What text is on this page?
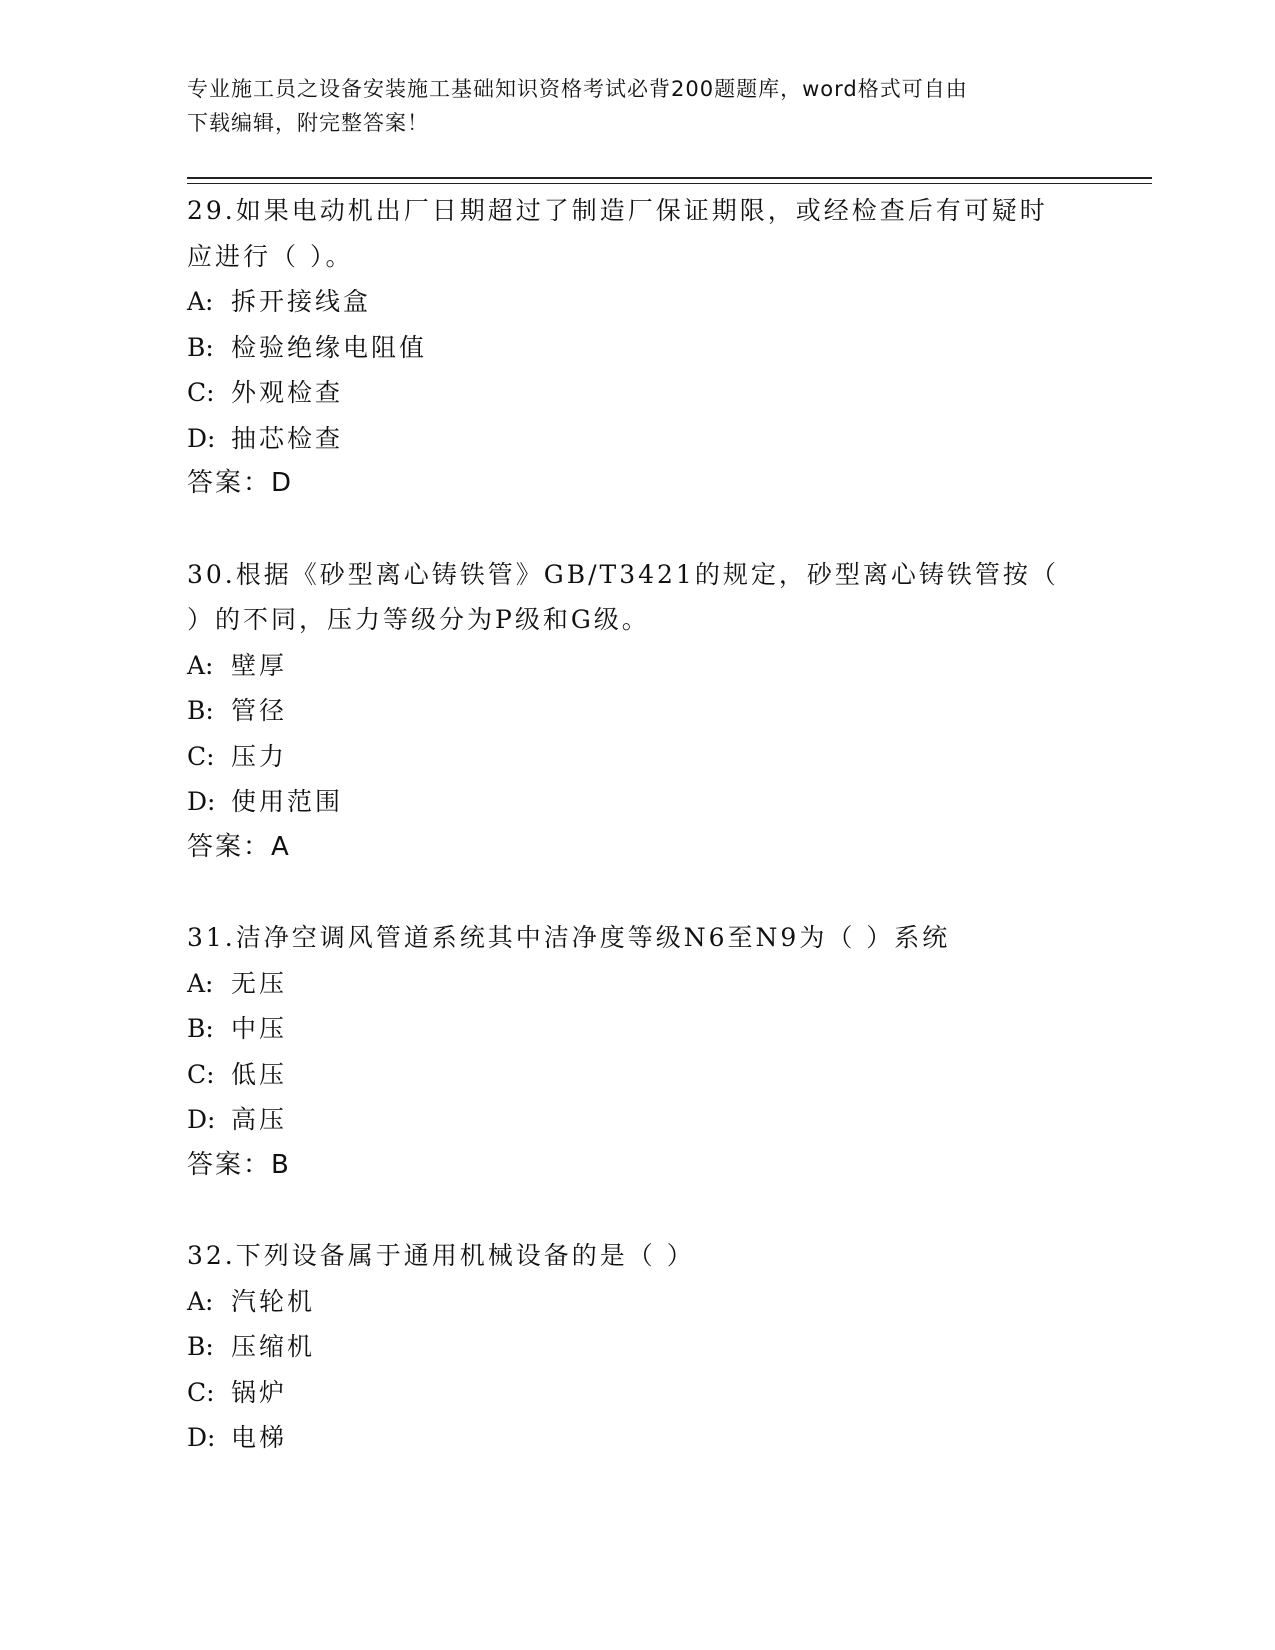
专业施工员之设备安装施工基础知识资格考试必背200题题库，word格式可自由
下载编辑，附完整答案！

29.如果电动机出厂日期超过了制造厂保证期限，或经检查后有可疑时

应进行（ ）。

A: 拆开接线盒

B: 检验绝缘电阻值

C: 外观检查

D: 抽芯检查

答案：D

30.根据《砂型离心铸铁管》GB/T3421的规定，砂型离心铸铁管按（

）的不同，压力等级分为P级和G级。

A: 壁厚

B: 管径

C: 压力

D: 使用范围

答案：A

31.洁净空调风管道系统其中洁净度等级N6至N9为（ ）系统

A: 无压

B: 中压

C: 低压

D: 高压

答案：B

32.下列设备属于通用机械设备的是（ ）

A: 汽轮机

B: 压缩机

C: 锅炉

D: 电梯
